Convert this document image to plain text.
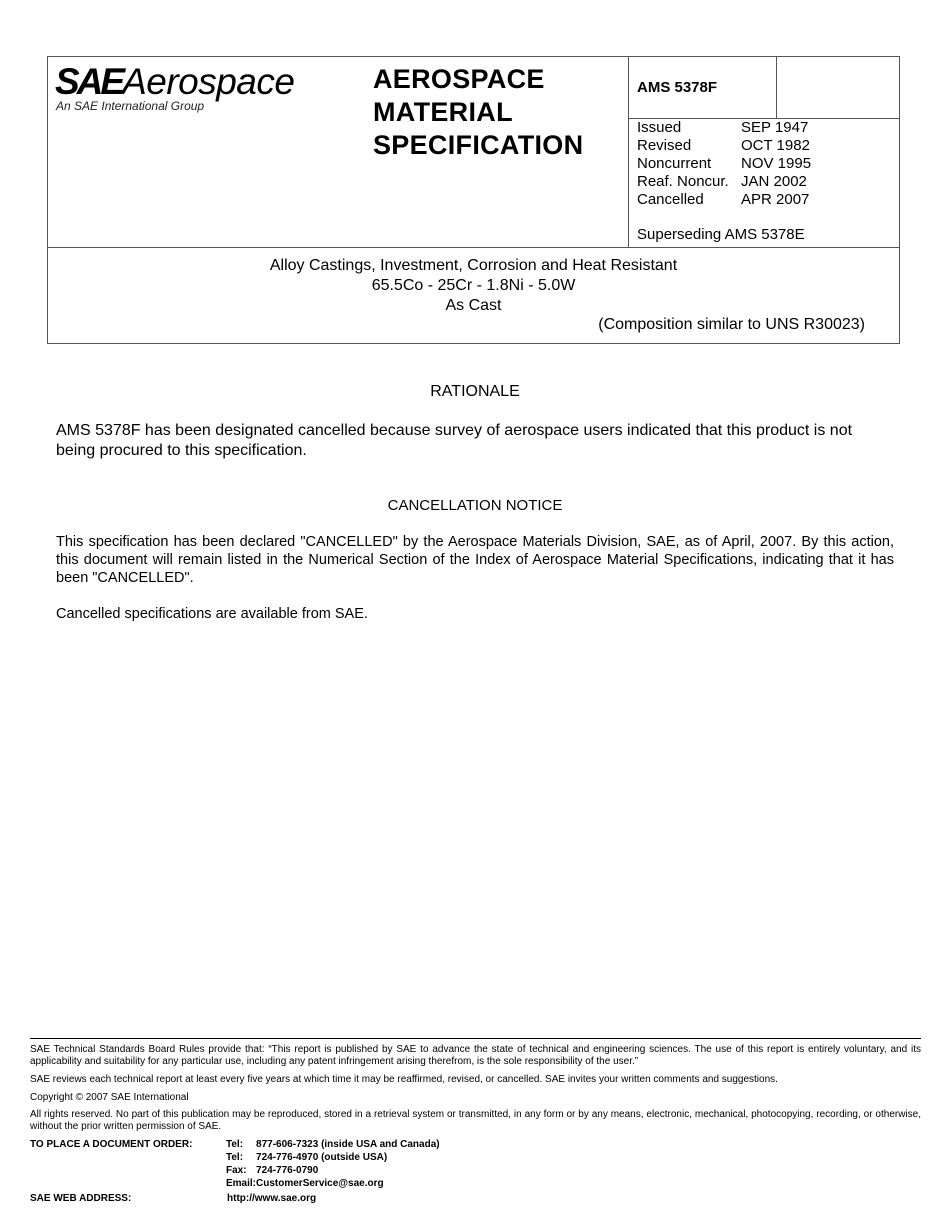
SAEAerospace
An SAE International Group
AEROSPACE
MATERIAL
SPECIFICATION
AMS 5378F
Issued	SEP 1947
Revised	OCT 1982
Noncurrent	NOV 1995
Reaf. Noncur.	JAN 2002
Cancelled	APR 2007
Superseding AMS 5378E
Alloy Castings, Investment, Corrosion and Heat Resistant
65.5Co - 25Cr - 1.8Ni - 5.0W
As Cast
(Composition similar to UNS R30023)
RATIONALE
AMS 5378F has been designated cancelled because survey of aerospace users indicated that this product is not being procured to this specification.
CANCELLATION NOTICE
This specification has been declared "CANCELLED" by the Aerospace Materials Division, SAE, as of April, 2007. By this action, this document will remain listed in the Numerical Section of the Index of Aerospace Material Specifications, indicating that it has been "CANCELLED".
Cancelled specifications are available from SAE.
SAE Technical Standards Board Rules provide that: “This report is published by SAE to advance the state of technical and engineering sciences. The use of this report is entirely voluntary, and its applicability and suitability for any particular use, including any patent infringement arising therefrom, is the sole responsibility of the user.”
SAE reviews each technical report at least every five years at which time it may be reaffirmed, revised, or cancelled. SAE invites your written comments and suggestions.
Copyright © 2007 SAE International
All rights reserved. No part of this publication may be reproduced, stored in a retrieval system or transmitted, in any form or by any means, electronic, mechanical, photocopying, recording, or otherwise, without the prior written permission of SAE.
TO PLACE A DOCUMENT ORDER:	Tel:	877-606-7323 (inside USA and Canada)
Tel:	724-776-4970 (outside USA)
Fax:	724-776-0790
Email:	CustomerService@sae.org
SAE WEB ADDRESS:	http://www.sae.org
